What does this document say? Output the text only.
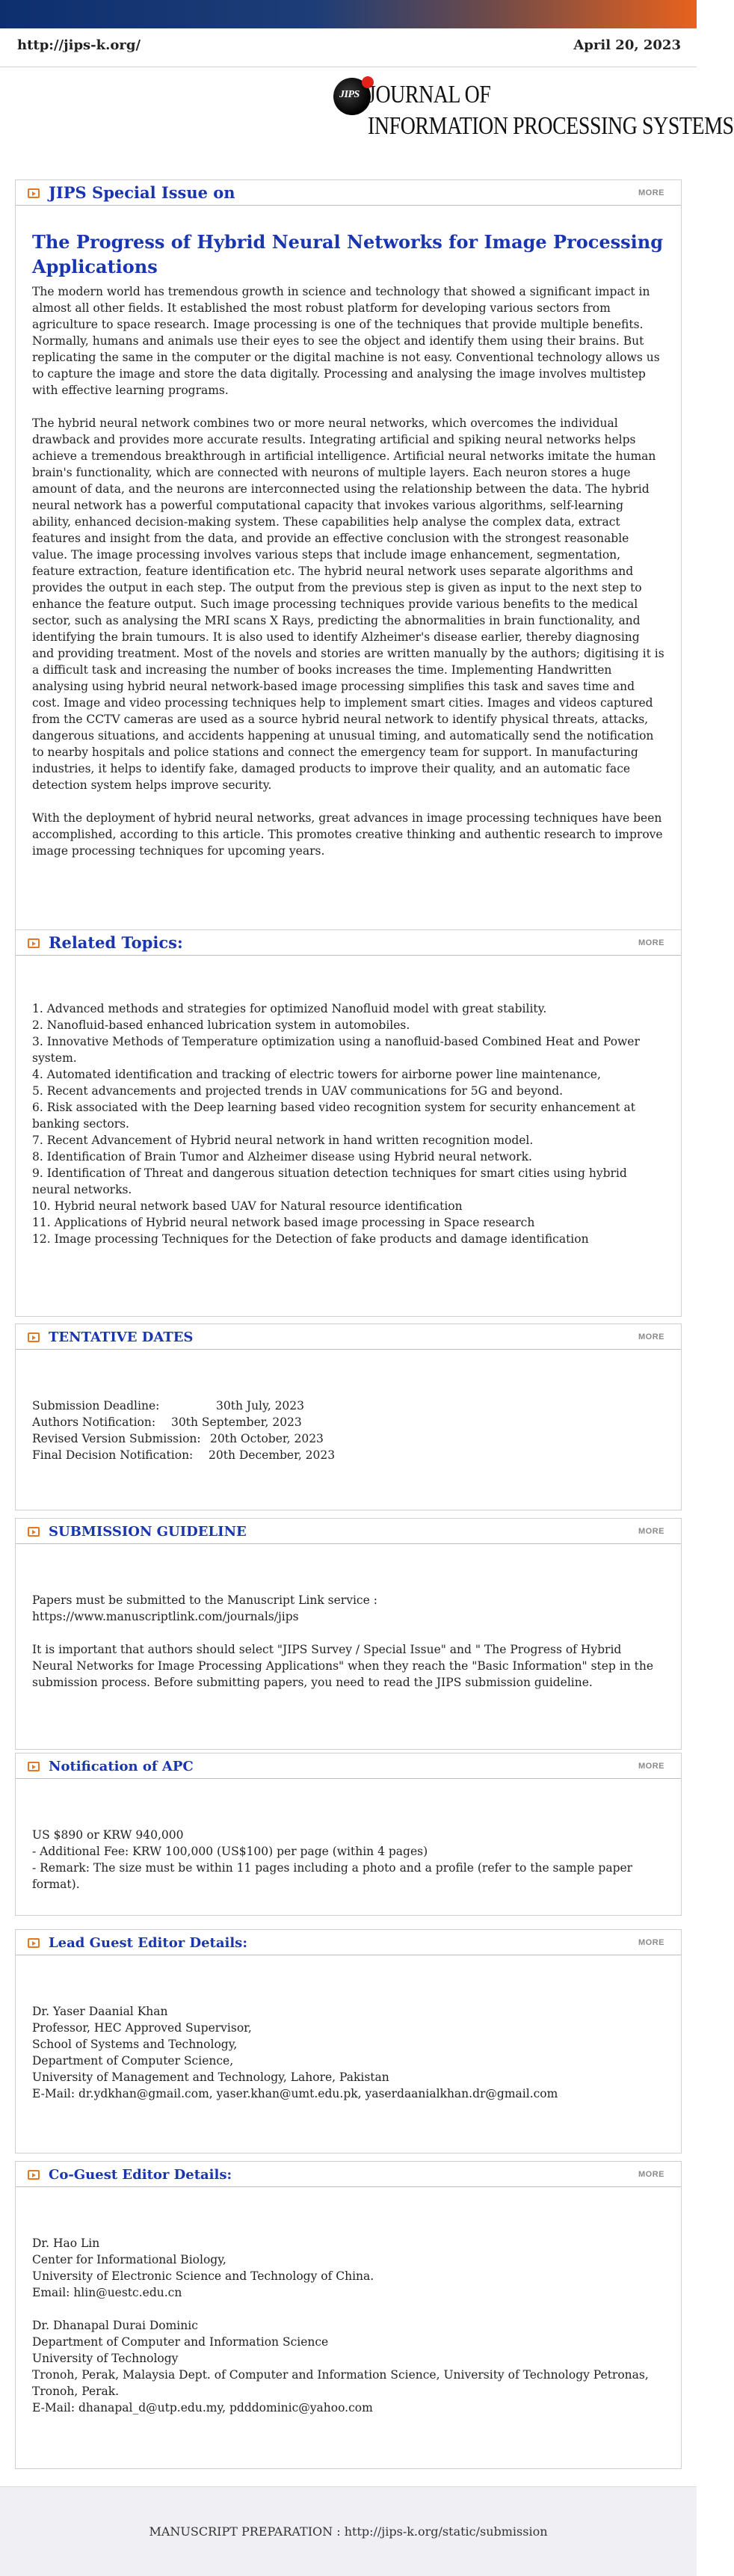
http://jips-k.org/	April 20, 2023
JIPS JOURNAL OF
INFORMATION PROCESSING SYSTEMS
JIPS Special Issue on	MORE
The Progress of Hybrid Neural Networks for Image Processing Applications

The modern world has tremendous growth in science and technology that showed a significant impact in almost all other fields. It established the most robust platform for developing various sectors from agriculture to space research. Image processing is one of the techniques that provide multiple benefits. Normally, humans and animals use their eyes to see the object and identify them using their brains. But replicating the same in the computer or the digital machine is not easy. Conventional technology allows us to capture the image and store the data digitally. Processing and analysing the image involves multistep with effective learning programs.

The hybrid neural network combines two or more neural networks, which overcomes the individual drawback and provides more accurate results. Integrating artificial and spiking neural networks helps achieve a tremendous breakthrough in artificial intelligence. Artificial neural networks imitate the human brain's functionality, which are connected with neurons of multiple layers. Each neuron stores a huge amount of data, and the neurons are interconnected using the relationship between the data. The hybrid neural network has a powerful computational capacity that invokes various algorithms, self-learning ability, enhanced decision-making system. These capabilities help analyse the complex data, extract features and insight from the data, and provide an effective conclusion with the strongest reasonable value. The image processing involves various steps that include image enhancement, segmentation, feature extraction, feature identification etc. The hybrid neural network uses separate algorithms and provides the output in each step. The output from the previous step is given as input to the next step to enhance the feature output. Such image processing techniques provide various benefits to the medical sector, such as analysing the MRI scans X Rays, predicting the abnormalities in brain functionality, and identifying the brain tumours. It is also used to identify Alzheimer's disease earlier, thereby diagnosing and providing treatment. Most of the novels and stories are written manually by the authors; digitising it is a difficult task and increasing the number of books increases the time. Implementing Handwritten analysing using hybrid neural network-based image processing simplifies this task and saves time and cost. Image and video processing techniques help to implement smart cities. Images and videos captured from the CCTV cameras are used as a source hybrid neural network to identify physical threats, attacks, dangerous situations, and accidents happening at unusual timing, and automatically send the notification to nearby hospitals and police stations and connect the emergency team for support. In manufacturing industries, it helps to identify fake, damaged products to improve their quality, and an automatic face detection system helps improve security.

With the deployment of hybrid neural networks, great advances in image processing techniques have been accomplished, according to this article. This promotes creative thinking and authentic research to improve image processing techniques for upcoming years.

Related Topics:	MORE
1. Advanced methods and strategies for optimized Nanofluid model with great stability.
2. Nanofluid-based enhanced lubrication system in automobiles.
3. Innovative Methods of Temperature optimization using a nanofluid-based Combined Heat and Power system.
4. Automated identification and tracking of electric towers for airborne power line maintenance,
5. Recent advancements and projected trends in UAV communications for 5G and beyond.
6. Risk associated with the Deep learning based video recognition system for security enhancement at banking sectors.
7. Recent Advancement of Hybrid neural network in hand written recognition model.
8. Identification of Brain Tumor and Alzheimer disease using Hybrid neural network.
9. Identification of Threat and dangerous situation detection techniques for smart cities using hybrid neural networks.
10. Hybrid neural network based UAV for Natural resource identification
11. Applications of Hybrid neural network based image processing in Space research
12. Image processing Techniques for the Detection of fake products and damage identification
TENTATIVE DATES	MORE
Submission Deadline:	30th July, 2023
Authors Notification: 30th September, 2023
Revised Version Submission: 20th October, 2023
Final Decision Notification: 20th December, 2023
SUBMISSION GUIDELINE	MORE
Papers must be submitted to the Manuscript Link service :
https://www.manuscriptlink.com/journals/jips

It is important that authors should select "JIPS Survey / Special Issue" and " The Progress of Hybrid Neural Networks for Image Processing Applications" when they reach the "Basic Information" step in the submission process. Before submitting papers, you need to read the JIPS submission guideline.

Notification of APC	MORE
US $890 or KRW 940,000
- Additional Fee: KRW 100,000 (US$100) per page (within 4 pages)
- Remark: The size must be within 11 pages including a photo and a profile (refer to the sample paper format).
Lead Guest Editor Details:	MORE
Dr. Yaser Daanial Khan
Professor, HEC Approved Supervisor,
School of Systems and Technology,
Department of Computer Science,
University of Management and Technology, Lahore, Pakistan
E-Mail: dr.ydkhan@gmail.com, yaser.khan@umt.edu.pk, yaserdaanialkhan.dr@gmail.com
Co-Guest Editor Details:	MORE
Dr. Hao Lin
Center for Informational Biology,
University of Electronic Science and Technology of China.
Email: hlin@uestc.edu.cn
Dr. Dhanapal Durai Dominic
Department of Computer and Information Science
University of Technology
Tronoh, Perak, Malaysia Dept. of Computer and Information Science, University of Technology Petronas, Tronoh, Perak.
E-Mail: dhanapal_d@utp.edu.my, pdddominic@yahoo.com
MANUSCRIPT PREPARATION : http://jips-k.org/static/submission
